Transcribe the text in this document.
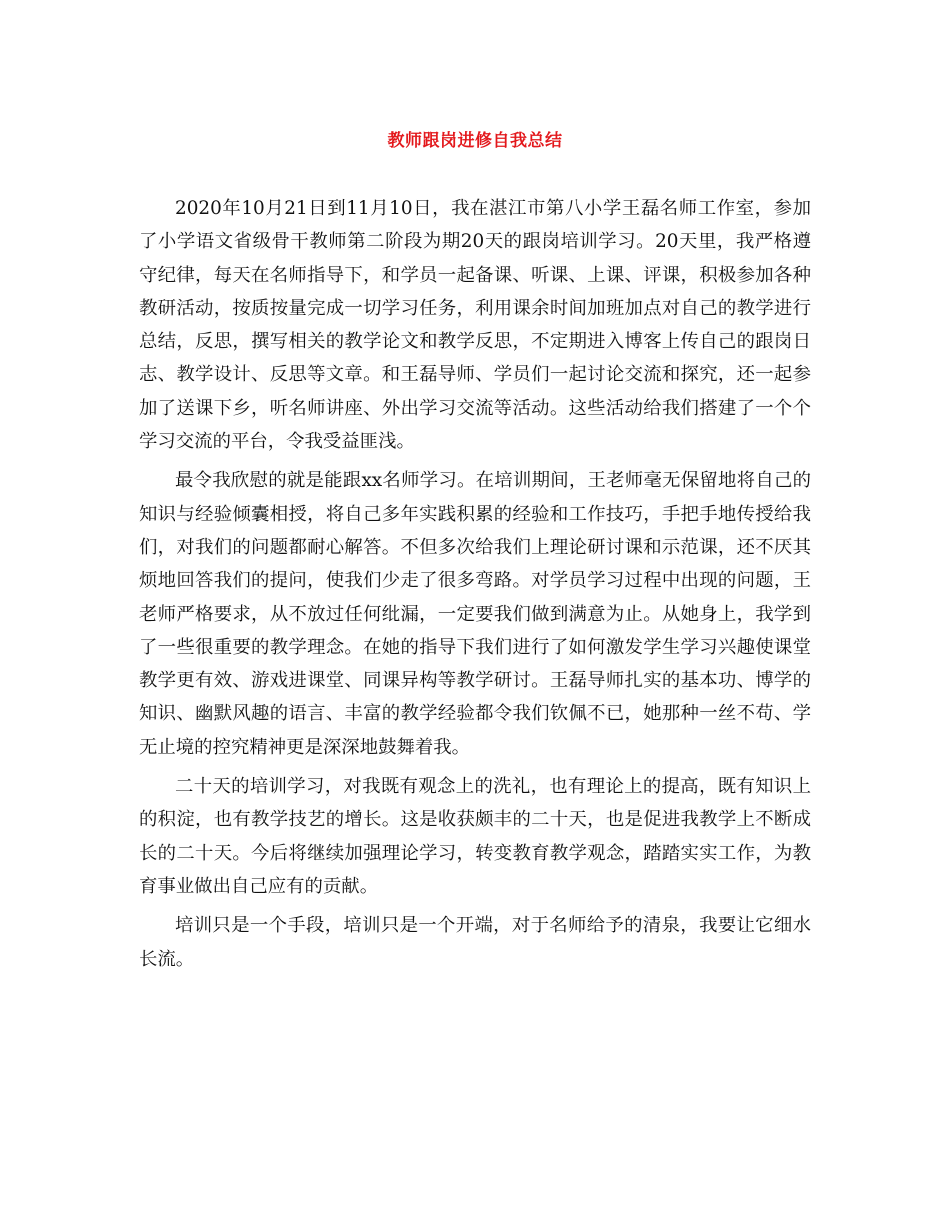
教师跟岗进修自我总结

2020年10月21日到11月10日，我在湛江市第八小学王磊名师工作室，参加了小学语文省级骨干教师第二阶段为期20天的跟岗培训学习。20天里，我严格遵守纪律，每天在名师指导下，和学员一起备课、听课、上课、评课，积极参加各种教研活动，按质按量完成一切学习任务，利用课余时间加班加点对自己的教学进行总结，反思，撰写相关的教学论文和教学反思，不定期进入博客上传自己的跟岗日志、教学设计、反思等文章。和王磊导师、学员们一起讨论交流和探究，还一起参加了送课下乡，听名师讲座、外出学习交流等活动。这些活动给我们搭建了一个个学习交流的平台，令我受益匪浅。

最令我欣慰的就是能跟xx名师学习。在培训期间，王老师毫无保留地将自己的知识与经验倾囊相授，将自己多年实践积累的经验和工作技巧，手把手地传授给我们，对我们的问题都耐心解答。不但多次给我们上理论研讨课和示范课，还不厌其烦地回答我们的提问，使我们少走了很多弯路。对学员学习过程中出现的问题，王老师严格要求，从不放过任何纰漏，一定要我们做到满意为止。从她身上，我学到了一些很重要的教学理念。在她的指导下我们进行了如何激发学生学习兴趣使课堂教学更有效、游戏进课堂、同课异构等教学研讨。王磊导师扎实的基本功、博学的知识、幽默风趣的语言、丰富的教学经验都令我们钦佩不已，她那种一丝不苟、学无止境的控究精神更是深深地鼓舞着我。

二十天的培训学习，对我既有观念上的洗礼，也有理论上的提高，既有知识上的积淀，也有教学技艺的增长。这是收获颇丰的二十天，也是促进我教学上不断成长的二十天。今后将继续加强理论学习，转变教育教学观念，踏踏实实工作，为教育事业做出自己应有的贡献。

培训只是一个手段，培训只是一个开端，对于名师给予的清泉，我要让它细水长流。
